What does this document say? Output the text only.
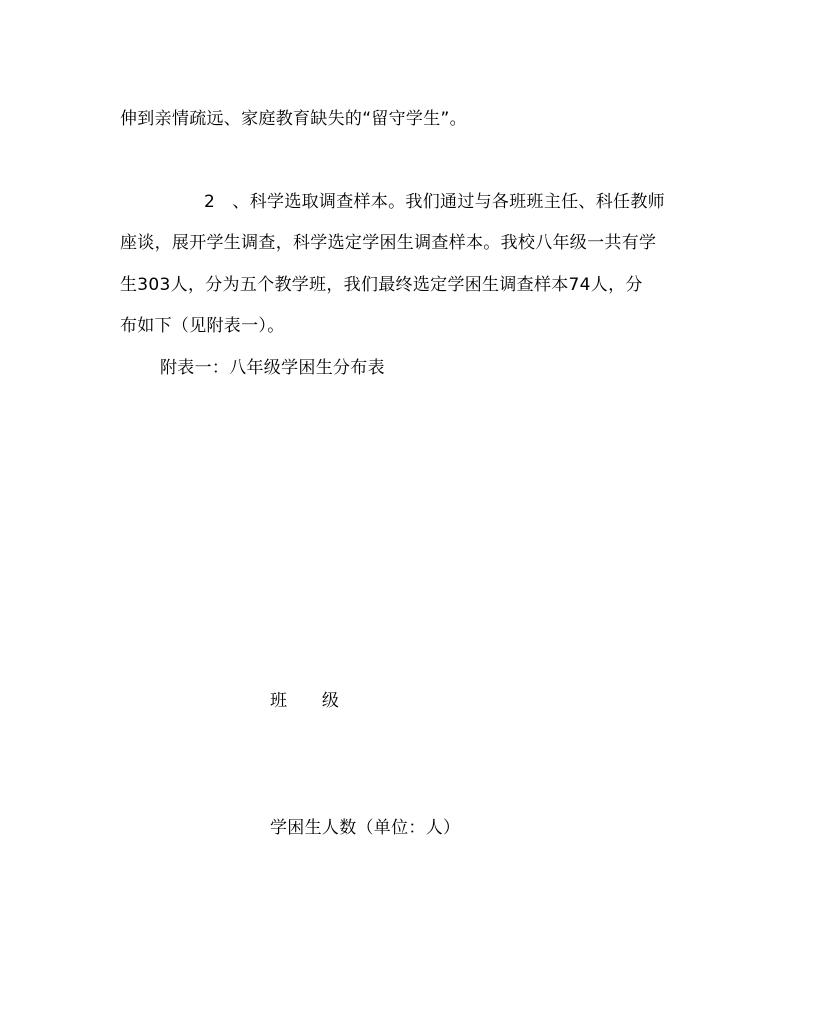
伸到亲情疏远、家庭教育缺失的“留守学生”。
2　、科学选取调查样本。我们通过与各班班主任、科任教师
座谈，展开学生调查，科学选定学困生调查样本。我校八年级一共有学
生303人，分为五个教学班，我们最终选定学困生调查样本74人，分
布如下（见附表一）。
附表一：八年级学困生分布表
班　　级
学困生人数（单位：人）
